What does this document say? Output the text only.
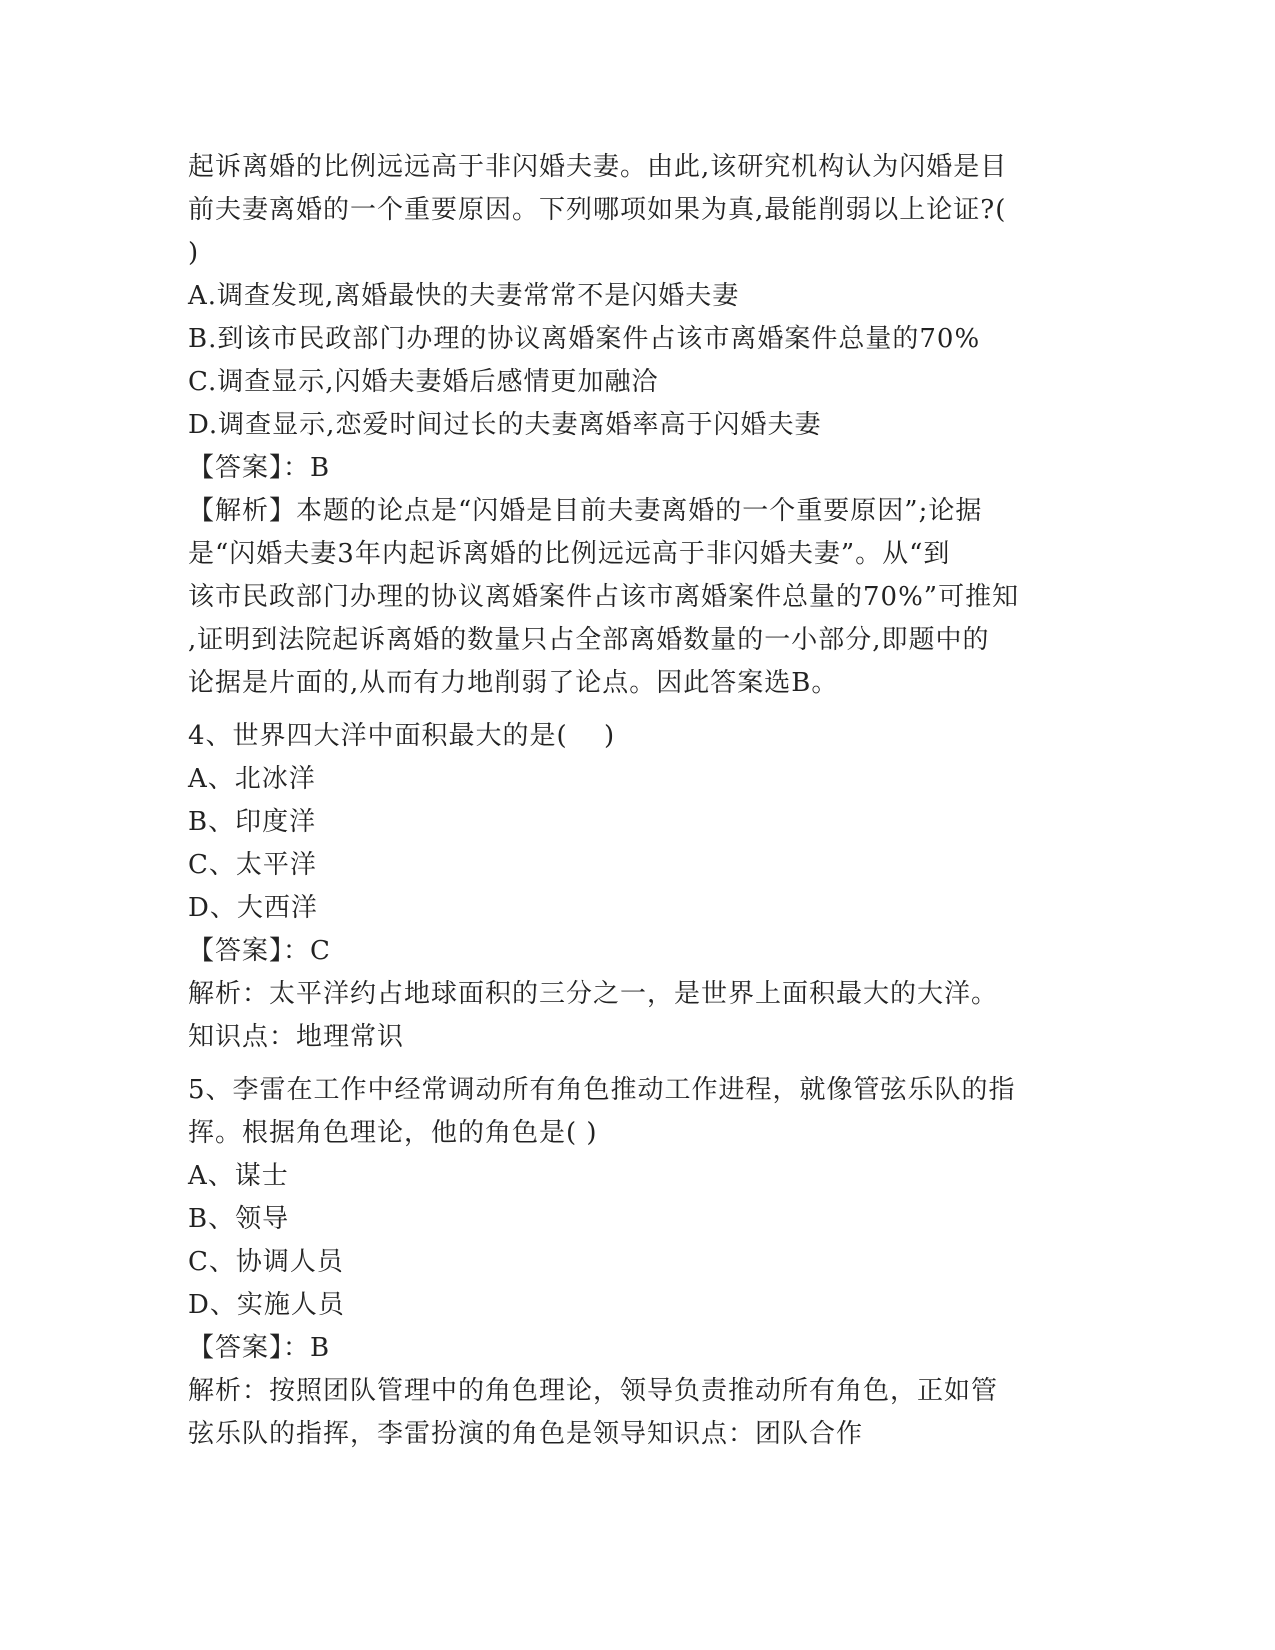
起诉离婚的比例远远高于非闪婚夫妻。由此,该研究机构认为闪婚是目
前夫妻离婚的一个重要原因。下列哪项如果为真,最能削弱以上论证?(
)
A.调查发现,离婚最快的夫妻常常不是闪婚夫妻
B.到该市民政部门办理的协议离婚案件占该市离婚案件总量的70%
C.调查显示,闪婚夫妻婚后感情更加融洽
D.调查显示,恋爱时间过长的夫妻离婚率高于闪婚夫妻
【答案】：B
【解析】本题的论点是“闪婚是目前夫妻离婚的一个重要原因”;论据
是“闪婚夫妻3年内起诉离婚的比例远远高于非闪婚夫妻”。从“到
该市民政部门办理的协议离婚案件占该市离婚案件总量的70%”可推知
,证明到法院起诉离婚的数量只占全部离婚数量的一小部分,即题中的
论据是片面的,从而有力地削弱了论点。因此答案选B。
4、世界四大洋中面积最大的是(　 )
A、北冰洋
B、印度洋
C、太平洋
D、大西洋
【答案】：C
解析：太平洋约占地球面积的三分之一，是世界上面积最大的大洋。
知识点：地理常识
5、李雷在工作中经常调动所有角色推动工作进程，就像管弦乐队的指
挥。根据角色理论，他的角色是( )
A、谋士
B、领导
C、协调人员
D、实施人员
【答案】：B
解析：按照团队管理中的角色理论，领导负责推动所有角色，正如管
弦乐队的指挥，李雷扮演的角色是领导知识点：团队合作
